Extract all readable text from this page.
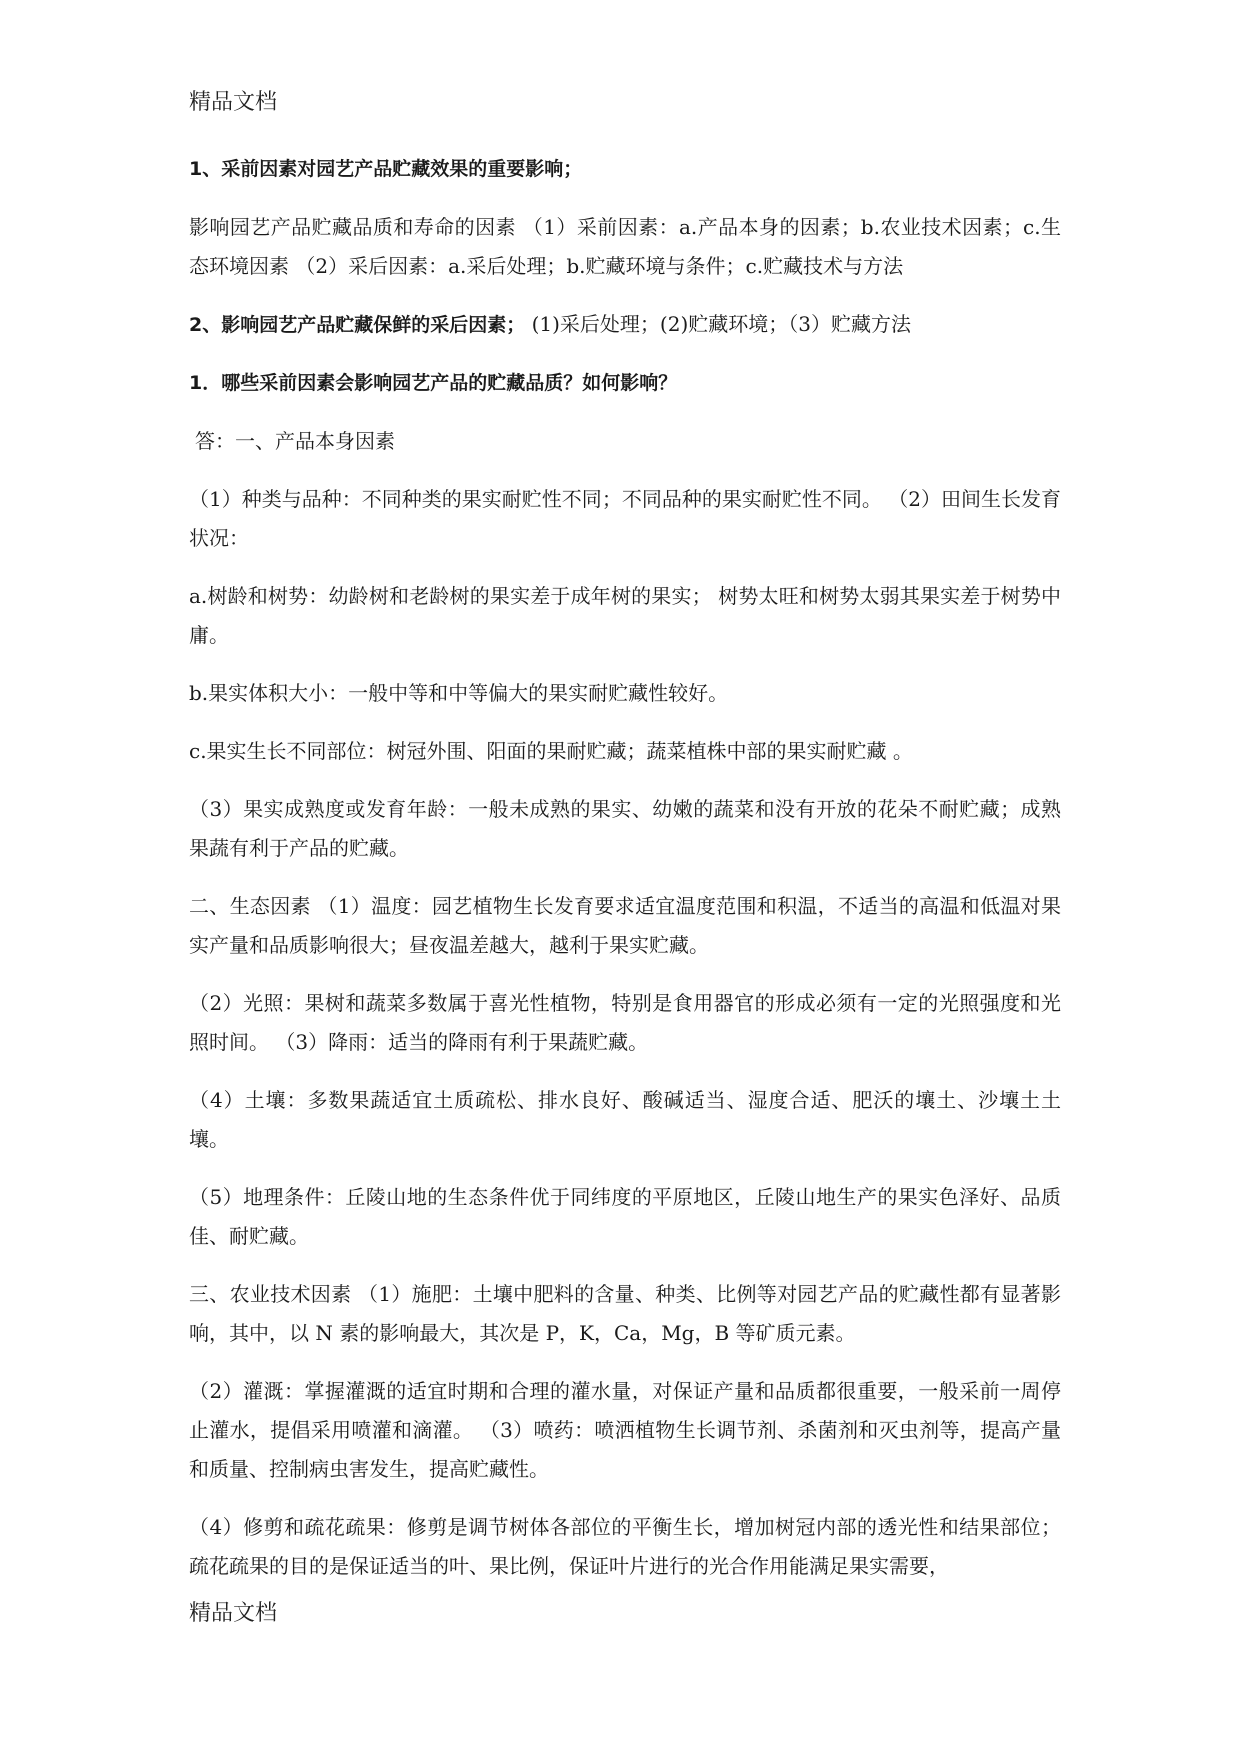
精品文档

1、采前因素对园艺产品贮藏效果的重要影响；

影响园艺产品贮藏品质和寿命的因素 （1）采前因素：a.产品本身的因素；b.农业技术因素；c.生态环境因素 （2）采后因素：a.采后处理；b.贮藏环境与条件；c.贮藏技术与方法

2、影响园艺产品贮藏保鲜的采后因素； (1)采后处理；(2)贮藏环境；（3）贮藏方法

1．哪些采前因素会影响园艺产品的贮藏品质？如何影响？

答：一、产品本身因素

（1）种类与品种：不同种类的果实耐贮性不同；不同品种的果实耐贮性不同。 （2）田间生长发育状况：

a.树龄和树势：幼龄树和老龄树的果实差于成年树的果实； 树势太旺和树势太弱其果实差于树势中庸。

b.果实体积大小：一般中等和中等偏大的果实耐贮藏性较好。

c.果实生长不同部位：树冠外围、阳面的果耐贮藏；蔬菜植株中部的果实耐贮藏 。

（3）果实成熟度或发育年龄：一般未成熟的果实、幼嫩的蔬菜和没有开放的花朵不耐贮藏；成熟果蔬有利于产品的贮藏。

二、生态因素 （1）温度：园艺植物生长发育要求适宜温度范围和积温，不适当的高温和低温对果实产量和品质影响很大；昼夜温差越大，越利于果实贮藏。

（2）光照：果树和蔬菜多数属于喜光性植物，特别是食用器官的形成必须有一定的光照强度和光照时间。 （3）降雨：适当的降雨有利于果蔬贮藏。

（4）土壤：多数果蔬适宜土质疏松、排水良好、酸碱适当、湿度合适、肥沃的壤土、沙壤土土壤。

（5）地理条件：丘陵山地的生态条件优于同纬度的平原地区，丘陵山地生产的果实色泽好、品质佳、耐贮藏。

三、农业技术因素 （1）施肥：土壤中肥料的含量、种类、比例等对园艺产品的贮藏性都有显著影响，其中，以 N 素的影响最大，其次是 P，K，Ca，Mg，B 等矿质元素。

（2）灌溉：掌握灌溉的适宜时期和合理的灌水量，对保证产量和品质都很重要，一般采前一周停止灌水，提倡采用喷灌和滴灌。 （3）喷药：喷洒植物生长调节剂、杀菌剂和灭虫剂等，提高产量和质量、控制病虫害发生，提高贮藏性。

（4）修剪和疏花疏果：修剪是调节树体各部位的平衡生长，增加树冠内部的透光性和结果部位；疏花疏果的目的是保证适当的叶、果比例，保证叶片进行的光合作用能满足果实需要，

精品文档
